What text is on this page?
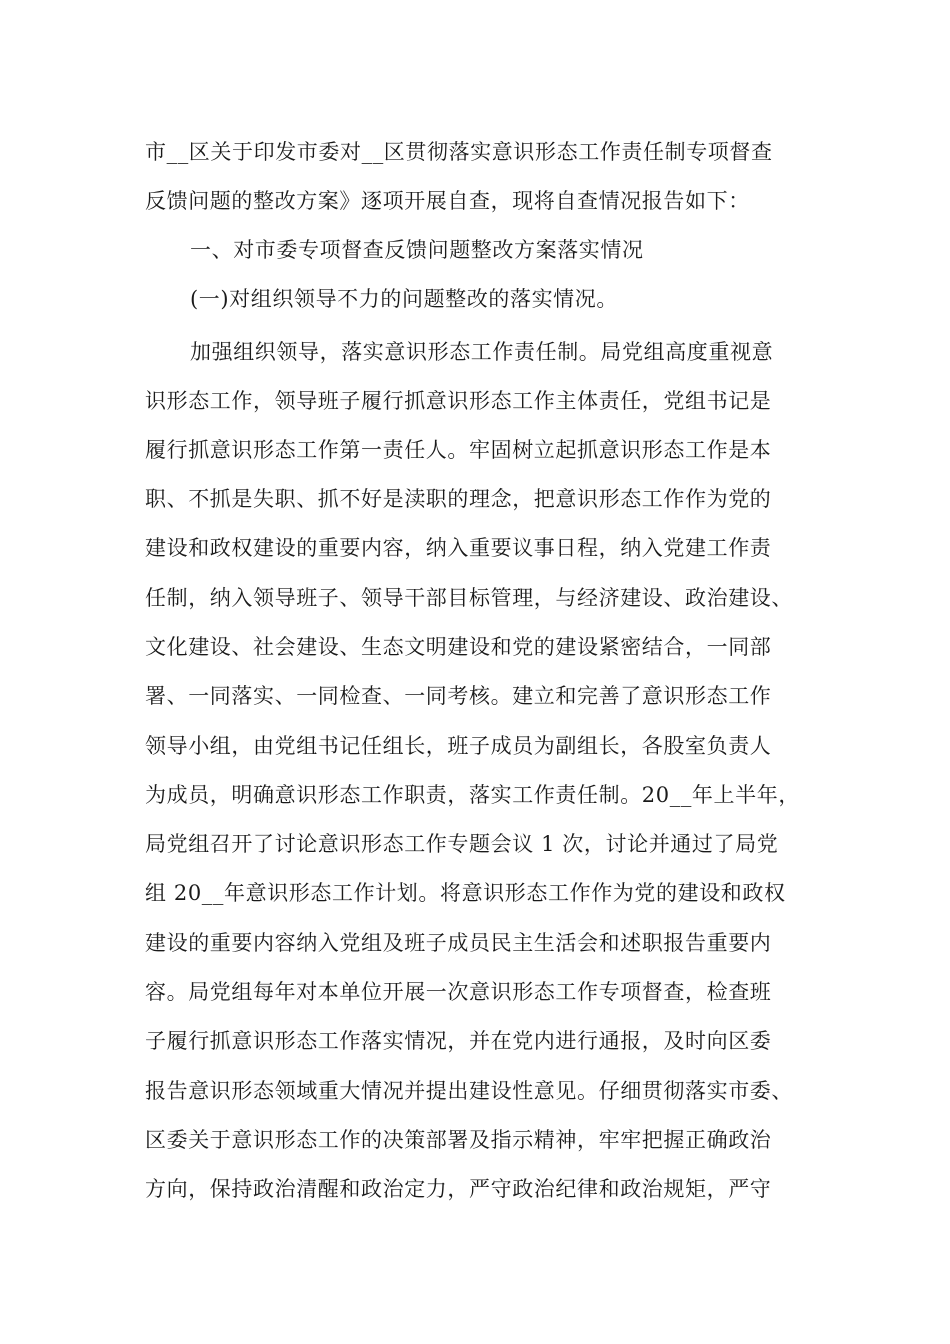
市__区关于印发市委对__区贯彻落实意识形态工作责任制专项督查
反馈问题的整改方案》逐项开展自查，现将自查情况报告如下：
一、对市委专项督查反馈问题整改方案落实情况
(一)对组织领导不力的问题整改的落实情况。
加强组织领导，落实意识形态工作责任制。局党组高度重视意
识形态工作，领导班子履行抓意识形态工作主体责任，党组书记是
履行抓意识形态工作第一责任人。牢固树立起抓意识形态工作是本
职、不抓是失职、抓不好是渎职的理念，把意识形态工作作为党的
建设和政权建设的重要内容，纳入重要议事日程，纳入党建工作责
任制，纳入领导班子、领导干部目标管理，与经济建设、政治建设、
文化建设、社会建设、生态文明建设和党的建设紧密结合，一同部
署、一同落实、一同检查、一同考核。建立和完善了意识形态工作
领导小组，由党组书记任组长，班子成员为副组长，各股室负责人
为成员，明确意识形态工作职责，落实工作责任制。20__年上半年，
局党组召开了讨论意识形态工作专题会议 1 次，讨论并通过了局党
组 20__年意识形态工作计划。将意识形态工作作为党的建设和政权
建设的重要内容纳入党组及班子成员民主生活会和述职报告重要内
容。局党组每年对本单位开展一次意识形态工作专项督查，检查班
子履行抓意识形态工作落实情况，并在党内进行通报，及时向区委
报告意识形态领域重大情况并提出建设性意见。仔细贯彻落实市委、
区委关于意识形态工作的决策部署及指示精神，牢牢把握正确政治
方向，保持政治清醒和政治定力，严守政治纪律和政治规矩，严守
